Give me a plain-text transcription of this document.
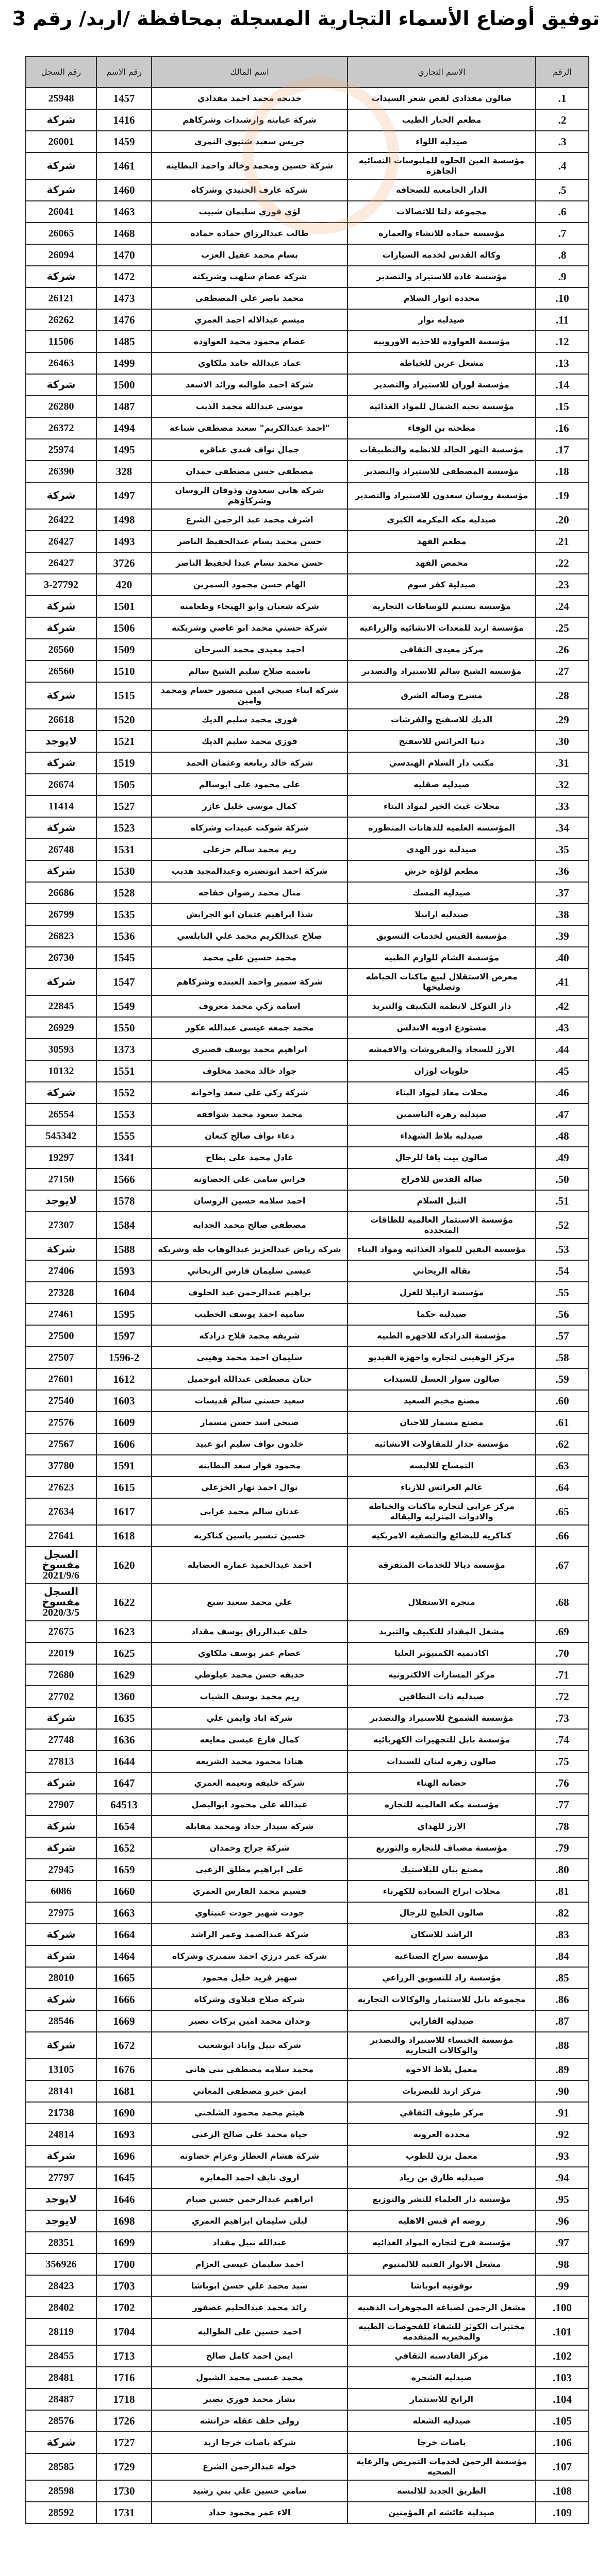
توفيق أوضاع الأسماء التجارية المسجلة بمحافظة /اربد/ رقم 3
الرقم	الاسم التجاري	اسم المالك	رقم الاسم	رقم السجل
1.	صالون مقدادي لقص شعر السيدات	خديجه محمد احمد مقدادي	1457	25948
2.	مطعم الخيار الطيب	شركة عبابنه وارشيدات وشركاهم	1416	شركة
3.	صيدليه اللواء	جريس سعيد شتيوي النمري	1459	26001
4.	مؤسسة العين الحلوه للملبوسات النسائيه الجاهزه	شركة حسين ومحمد وخالد واحمد البطاينه	1461	شركة
5.	الدار الجامعيه للصحافه	شركة عارف الجنيدي وشركاه	1460	شركة
6.	مجموعة دلتا للاتصالات	لؤي فوزي سليمان شبيب	1463	26041
7.	مؤسسة حماده للانشاء والعماره	طالب عبدالرزاق حماده حماده	1468	26065
8.	وكاله القدس لخدمه السيارات	بسام محمد عقيل العزب	1470	26094
9.	مؤسسة غاده للاستيراد والتصدير	شركة عصام سلهب وشريكته	1472	شركة
10.	محددة انوار السلام	محمد ناصر علي المصطفى	1473	26121
11.	صيدليه نوار	ميسم عبدالاله احمد العمري	1476	26262
12.	مؤسسة العواوده للاحذيه الاوروبيه	عصام محمود محمد العواوده	1485	11506
13.	مشغل عرين للخياطه	عماد عبدالله حامد ملكاوي	1499	26463
14.	مؤسسة لوزان للاستيراد والتصدير	شركة احمد طوالبه ورائد الاسعد	1500	شركة
15.	مؤسسة نخبه الشمال للمواد الغذائيه	موسى عبدالله محمد الذيب	1487	26280
16.	مطحنه بن الوفاء	"احمد عبدالكريم" سعيد مصطفى شناعه	1494	26372
17.	مؤسسة النهر الخالد للانظمه والتطبيقات	جمال نواف فندي عناقره	1495	25974
18.	مؤسسة المصطفى للاستيراد والتصدير	مصطفى حسن مصطفى حمدان	328	26390
19.	مؤسسة روسان سعدون للاستيراد والتصدير	شركة هاني سعدون وذوقان الروسان وشركاؤهم	1497	شركة
20.	صيدليه مكه المكرمه الكبرى	اشرف محمد عبد الرحمن الشرع	1498	26422
21.	مطعم الفهد	حسن محمد بسام عبدالحفيظ الناصر	1493	26427
22.	محمص الفهد	حسن محمد بسام عبدا لحفيظ الناصر	3726	26427
23.	صيدلية كفر سوم	الهام حسن محمود السمرين	420	3-27792
24.	مؤسسة تسنيم للوساطات التجاريه	شركة شعبان وابو الهيجاء وطعامنه	1501	شركة
25.	مؤسسة اربد للمعدات الانشائيه والزراعيه	شركة حسني محمد ابو عاصي وشريكته	1506	شركة
26.	مركز معيدي الثقافي	احمد معيدي محمد السرحان	1509	26560
27.	مؤسسة الشيخ سالم للاستيراد والتصدير	باسمه صلاح سليم الشيخ سالم	1510	26560
28.	مسرح وصاله الشرق	شركة ابناء صبحي امين منصور حسام ومحمد وامين	1515	شركة
29.	الديك للاسفنج والفرشات	فوزي محمد سليم الديك	1520	26618
30.	دنيا العرائس للاسفنج	فوزي محمد سليم الديك	1521	لايوجد
31.	مكتب دار السلام الهندسي	شركة خالد ربابعه وعثمان الحمد	1519	شركة
32.	صيدليه صقليه	علي محمود علي ابوسالم	1505	26674
33.	محلات غيث الخير لمواد البناء	كمال موسى خليل عازر	1527	11414
34.	المؤسسه العلميه للدهانات المتطوره	شركة شوكت عبيدات وشركاه	1523	شركة
35.	صيدلية نور الهدى	ريم محمد سالم خزعلي	1531	26748
36.	مطعم لؤلؤة جرش	شركة احمد ابونصيره وعبدالمجيد هديب	1530	شركة
37.	صيدليه المسك	منال محمد رضوان خفاجه	1528	26686
38.	صيدليه ارابيلا	شذا ابراهيم عثمان ابو الجرايش	1535	26799
39.	مؤسسة القيس لخدمات التسويق	صلاح عبدالكريم محمد علي النابلسي	1536	26823
40.	مؤسسة الشام للوازم الطبيه	محمد حسين علي محمد	1545	26730
41.	معرض الاستقلال لبيع ماكنات الخياطه وتصليحها	شركة سمير واحمد العبنده وشركاهم	1547	شركة
42.	دار التوكل لانظمة التكييف والتبريد	اسامه زكي محمد معروف	1549	22845
43.	مستودع ادويه الاندلس	محمد جمعه عيسى عبدالله عكور	1550	26929
44.	الارز للسجاد والمفروشات والاقمشه	ابراهيم محمد يوسف قصيري	1373	30593
45.	حلويات لوزان	جواد خالد محمد مخلوف	1551	10132
46.	محلات معاذ لمواد البناء	شركة زكي علي سعد واخوانه	1552	شركة
47.	صيدليه زهره الياسمين	محمد سعود محمد شوافقه	1553	26554
48.	صيدليه بلاط الشهداء	دعاء نواف صالح كنعان	1555	545342
49.	صالون بيت يافا للرجال	عادل محمد علي بطاح	1341	19297
50.	صاله القدس للافراح	فراس سامي علي الخصاونه	1566	27150
51.	النبل السلام	احمد سلامه حسين الروسان	1578	لايوجد
52.	مؤسسة الاستثمار العالميه للطاقات المتجدده	مصطفى صالح محمد الجدايه	1584	27307
53.	مؤسسة اليقين للمواد الغذائيه ومواد البناء	شركة رياض عبدالعزيز عبدالوهاب طه وشريكه	1588	شركة
54.	بقاله الريحاني	عيسى سليمان فارس الريحاني	1593	27406
55.	مؤسسة ارابيلا للغزل	براهيم عبدالرحمن عيد الخلوف	1604	27328
56.	صيدلية حكما	سامية احمد يوسف الخطيب	1595	27461
57.	مؤسسة الدرادكه للاجهزه الطبيه	شريفه محمد فلاح درادكه	1597	27500
58.	مركز الوهيبي لتجاره واجهزة الفيديو	سليمان احمد محمد وهيبي	1596-2	27507
59.	صالون سوار العسل للسيدات	حنان مصطفى عبدالله ابوجميل	1612	27601
60.	مصنع مخيم السعيد	سعيد حسني سالم قديسات	1603	27540
61.	مصنع مسمار للاجبان	صبحي اسد حسن مسمار	1609	27576
62.	مؤسسة جدار للمقاولات الانشائيه	خلدون نواف سليم ابو عبيد	1606	27567
63.	التمساح للالبسه	محمود فواز سعد البطاينه	1591	37780
64.	عالم العرائس للازياء	نوال احمد نهار الخزعلي	1615	27623
65.	مركز عرابي لتجاره ماكنات والخياطه والادوات المنزليه والبقاله	عدنان سالم محمد عرابي	1617	27634
66.	كناكريه للبضائع والتصفيه الامريكيه	حسين تيسير ياسين كناكريه	1618	27641
67.	مؤسسة ديالا للخدمات المتفرقه	احمد عبدالحميد عماره العضايله	1620	السجل مفسوخ 2021/9/6
68.	متجرة الاستقلال	علي محمد سعيد سبع	1622	السجل مفسوخ 2020/3/5
69.	مشغل المقداد للتكييف والتبريد	خلف عبدالرزاق يوسف مقداد	1623	27675
70.	اكاديميه الكمبيوتر العليا	عصام عمر يوسف ملكاوي	1625	22019
71.	مركز المسارات الالكترونيه	حذيفه حسن محمد عيلوطي	1629	72680
72.	صيدليه ذات النطاقين	ريم محمد يوسف الشياب	1360	27702
73.	مؤسسة الشموخ للاستيراد والتصدير	شركة اياد وايمن علي	1635	شركة
74.	مؤسسة بابل للتجهيزات الكهربائيه	كمال فارع عيسى معايعه	1636	27748
75.	صالون زهره لبنان للسيدات	هنادا محمود محمد الشريعه	1644	27813
76.	حضانه الهناء	شركة خليفه ونعيمه العمري	1647	شركة
77.	مؤسسة مكه العالميه للتجاره	عبدالله علي محمود ابوالبصل	64513	27907
78.	الارز للهداي	شركة سيدار حداد ومحمد مقابله	1654	شركة
79.	مؤسسة مضياف للتجاره والتوزيع	شركة جراح وحمدان	1652	شركة
80.	مصنع بيان للبلاستيك	علي ابراهيم مطلق الزعبي	1659	27945
81.	محلات ابراج السعاده للكهرباء	قسيم محمد الفارس العمري	1660	6086
82.	صالون الخليج للرجال	جودت شهير جودت عنبتاوي	1663	27975
83.	الراشد للاسكان	شركة عبدالصمد وعمر الراشد	1664	شركة
84.	مؤسسة سراج الصناعيه	شركة عمر درزي احمد سميري وشركاه	1464	شركة
85.	مؤسسة زاد للتسويق الزراعي	سهير فريد خليل محمود	1665	28010
86.	مجموعة بابل للاستثمار والوكالات التجاريه	شركة صلاح قبلاوي وشركاه	1666	شركة
87.	صيدليه الفارابي	وجدان محمد امين بركات نصير	1669	28546
88.	مؤسسة الخنساء للاستيراد والتصدير والوكالات التجاريه	شركة نبيل واياد ابوشعيب	1672	شركة
89.	معمل بلاط الاخوه	محمد سلامه مصطفى بني هاني	1676	13105
90.	مركز اربد للبصريات	ايمن خيرو مصطفى المعاني	1681	28141
91.	مركز طيوف الثقافي	هيثم محمد محمود الشلختي	1690	21738
92.	محددة العروبه	حياة محمد علي صالح الزعبي	1693	24814
93.	معمل يزن للطوب	شركة هشام العطار وعزام خصاونه	1696	شركة
94.	صيدليه طارق بن زياد	اروى نايف احمد المغايره	1645	27797
95.	مؤسسة دار العلماء للنشر والتوزيع	ابراهيم عبدالرحمن حسين صيام	1646	لايوجد
96.	روضه ام قيس الاهليه	ليلى سليمان ابراهيم العمري	1698	لايوجد
97.	مؤسسة فرح لتجاره المواد الغذائيه	عبدالله نبيل مقداد	1699	28351
98.	مشغل الانوار الفنيه للالمنيوم	احمد سليمان عيسى العزام	1700	356926
99.	نوفوتيه ابوباشا	سيد محمد علي حسن ابوباشا	1703	28423
100.	مشغل الرحمن لصياغة المجوهرات الذهبيه	رائد محمد عبدالحليم عصفور	1702	28402
101.	مختبرات الكوثر للشفاء للفحوصات الطبيه والمخبريه المتقدمه	احمد حسين علي الطوالبه	1704	28119
102.	مركز القادسيه الثقافي	ايمن احمد كامل صالح	1713	28455
103.	صيدليه الشجره	محمد عيسى محمد الشبول	1716	28481
104.	الرابح للاستثمار	بشار محمد فوزي نصير	1718	28487
105.	صيدليه الشعله	رولى خلف عقله خرانشه	1726	28576
106.	باصات خرجا	شركة باصات خرجا اربد	1727	شركة
107.	مؤسسة الرحمن لخدمات التمريض والرعايه الصحيه	خوله عبدالرحمن الشرع	1729	28585
108.	الطريق الجديد للالبسه	سامي حسين علي بني رشيد	1730	28598
109.	صيدلية عائشه ام المؤمنين	الاء عمر محمود حداد	1731	28592
